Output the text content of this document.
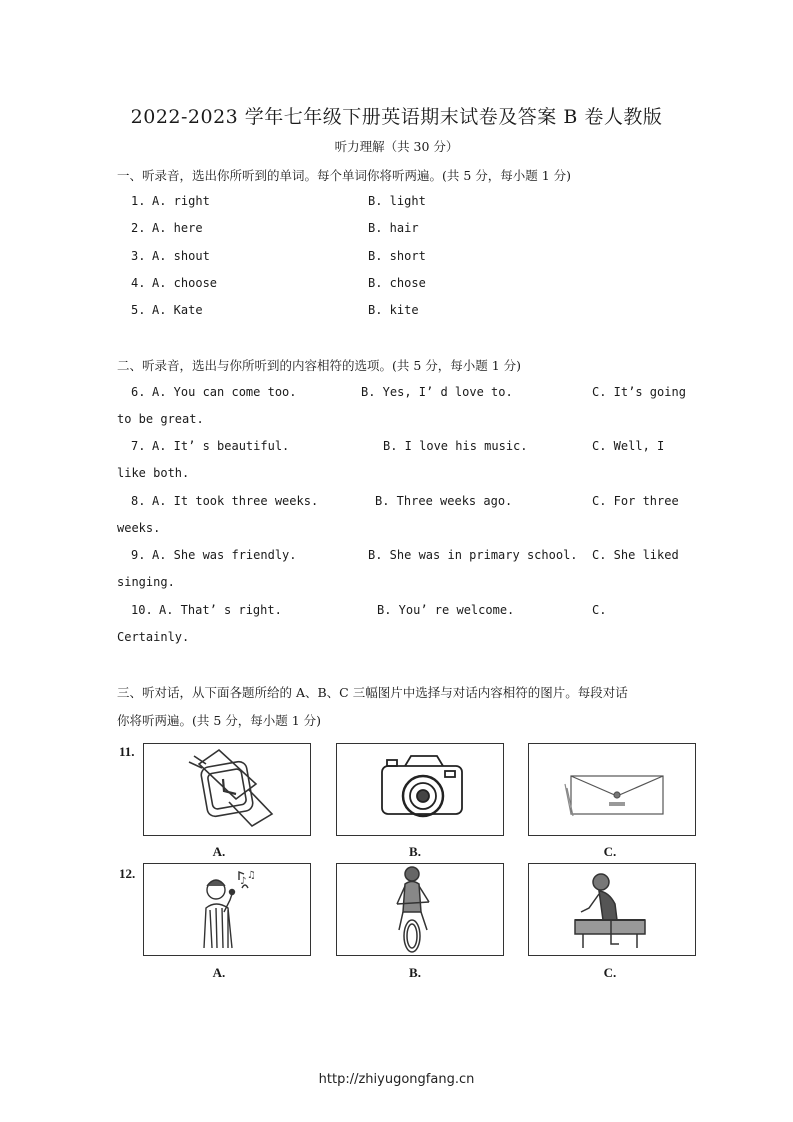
2022-2023 学年七年级下册英语期末试卷及答案 B 卷人教版
听力理解（共 30 分）
一、听录音，选出你所听到的单词。每个单词你将听两遍。(共 5 分，每小题 1 分)
1. A. right	B. light
2. A. here	B. hair
3. A. shout	B. short
4. A. choose	B. chose
5. A. Kate	B. kite
二、听录音，选出与你所听到的内容相符的选项。(共 5 分，每小题 1 分)
6. A. You can come too.	B. Yes, I’ d love to.	C. It’s going
to be great.
7. A. It’ s beautiful.	B. I love his music.	C. Well, I
like both.
8. A. It took three weeks.	B. Three weeks ago.	C. For three
weeks.
9. A. She was friendly.	B. She was in primary school. C. She liked
singing.
10. A. That’ s right.	B. You’ re welcome.	C.
Certainly.
三、听对话，从下面各题所给的 A、B、C 三幅图片中选择与对话内容相符的图片。每段对话
你将听两遍。(共 5 分，每小题 1 分)
11.
A.	B.	C.
12.
♪
♫
A.	B.	C.
http://zhiyugongfang.cn
